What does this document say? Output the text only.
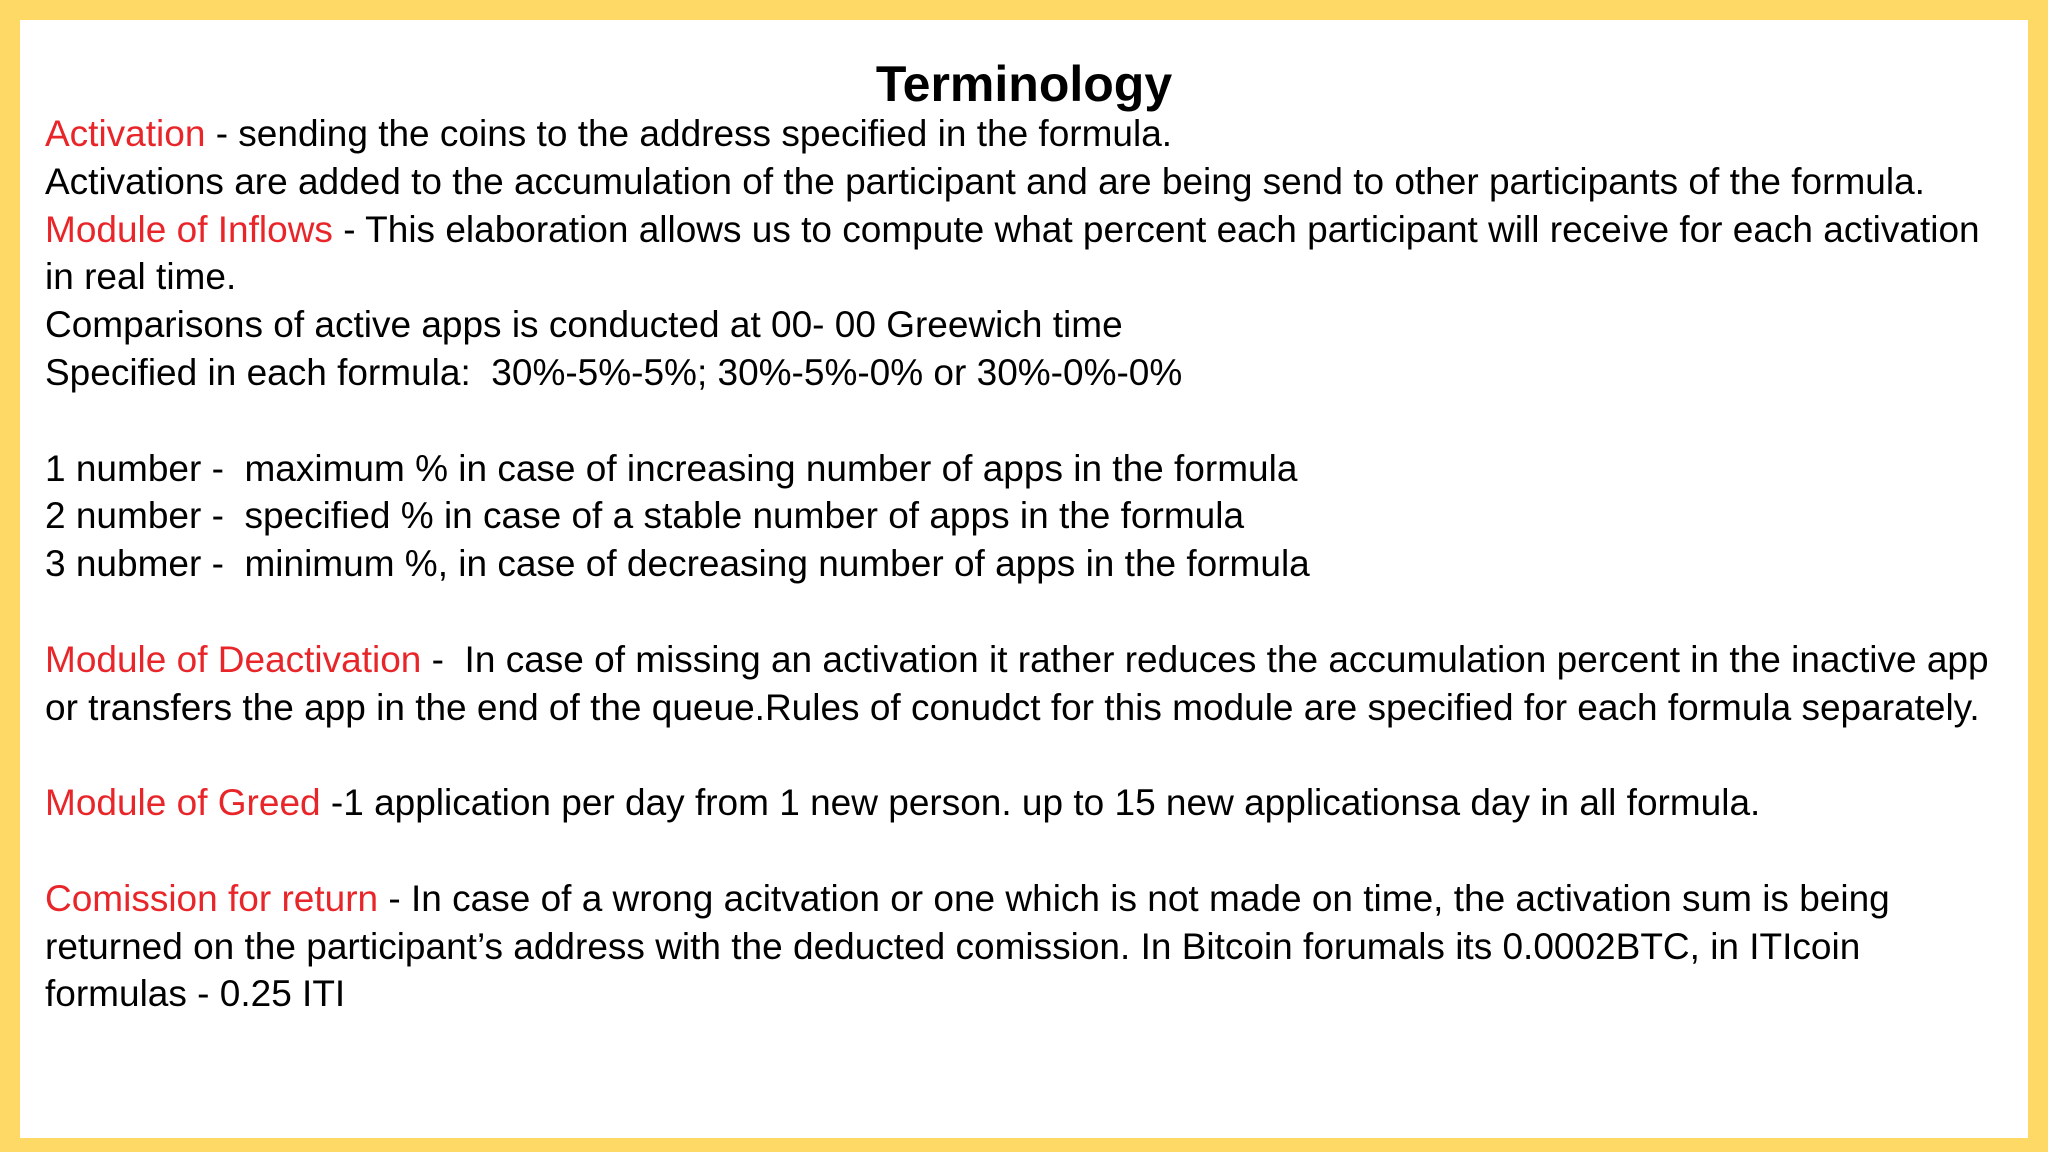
Terminology

Activation - sending the coins to the address specified in the formula.

Activations are added to the accumulation of the participant and are being send to other participants of the formula.

Module of Inflows - This elaboration allows us to compute what percent each participant will receive for each activation in real time.

Comparisons of active apps is conducted at 00- 00 Greewich time

Specified in each formula:  30%-5%-5%; 30%-5%-0% or 30%-0%-0%

1 number -  maximum % in case of increasing number of apps in the formula

2 number -  specified % in case of a stable number of apps in the formula

3 nubmer -  minimum %, in case of decreasing number of apps in the formula

Module of Deactivation -  In case of missing an activation it rather reduces the accumulation percent in the inactive app or transfers the app in the end of the queue.Rules of conudct for this module are specified for each formula separately.

Module of Greed -1 application per day from 1 new person. up to 15 new applicationsa day in all formula.

Comission for return - In case of a wrong acitvation or one which is not made on time, the activation sum is being returned on the participant’s address with the deducted comission. In Bitcoin forumals its 0.0002BTC, in ITIcoin formulas - 0.25 ITI
